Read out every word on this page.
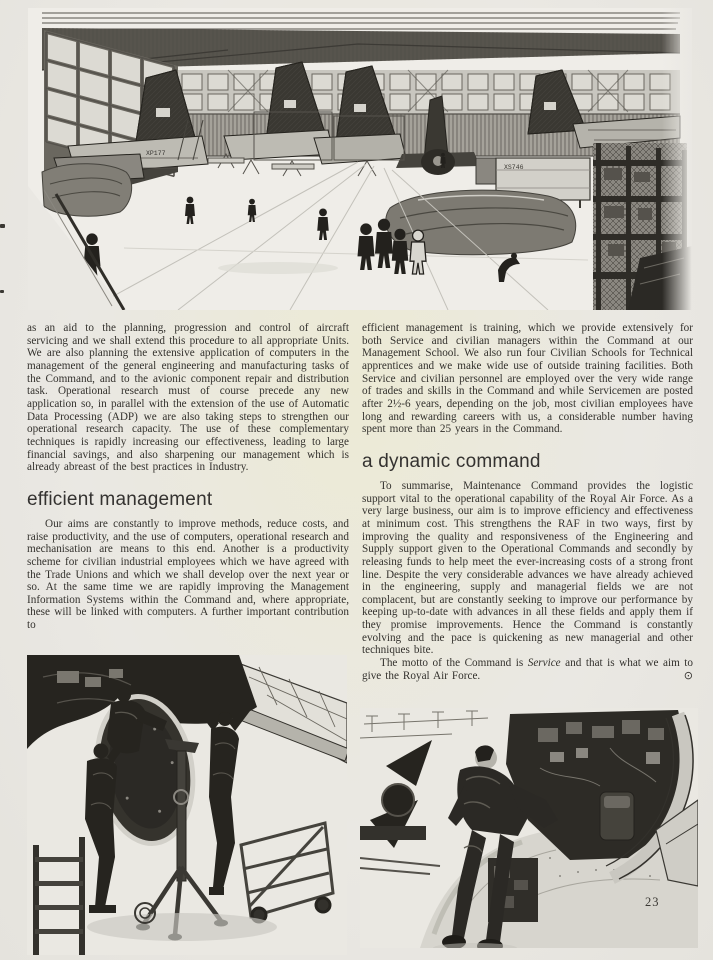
XP177
XS746

as an aid to the planning, progression and control of aircraft servicing and we shall extend this procedure to all appropriate Units. We are also planning the extensive application of computers in the management of the general engineering and manufacturing tasks of the Command, and to the avionic component repair and distribution task. Operational research must of course precede any new application so, in parallel with the extension of the use of Automatic Data Processing (ADP) we are also taking steps to strengthen our operational research capacity. The use of these complementary techniques is rapidly increasing our effectiveness, leading to large financial savings, and also sharpening our management which is already abreast of the best practices in Industry.

efficient management

Our aims are constantly to improve methods, reduce costs, and raise productivity, and the use of computers, operational research and mechanisation are means to this end. Another is a productivity scheme for civilian industrial employees which we have agreed with the Trade Unions and which we shall develop over the next year or so. At the same time we are rapidly improving the Management Information Systems within the Command and, where appropriate, these will be linked with computers. A further important contribution to

efficient management is training, which we provide extensively for both Service and civilian managers within the Command at our Management School. We also run four Civilian Schools for Technical apprentices and we make wide use of outside training facilities. Both Service and civilian personnel are employed over the very wide range of trades and skills in the Command and while Servicemen are posted after 2½-6 years, depending on the job, most civilian employees have long and rewarding careers with us, a considerable number having spent more than 25 years in the Command.

a dynamic command

To summarise, Maintenance Command provides the logistic support vital to the operational capability of the Royal Air Force. As a very large business, our aim is to improve efficiency and effectiveness at minimum cost. This strengthens the RAF in two ways, first by improving the quality and responsiveness of the Engineering and Supply support given to the Operational Commands and secondly by releasing funds to help meet the ever-increasing costs of a strong front line. Despite the very considerable advances we have already achieved in the engineering, supply and managerial fields we are not complacent, but are constantly seeking to improve our performance by keeping up-to-date with advances in all these fields and apply them if they promise improvements. Hence the Command is constantly evolving and the pace is quickening as new managerial and other techniques bite.

The motto of the Command is Service and that is what we aim to give the Royal Air Force.	⊙

23
